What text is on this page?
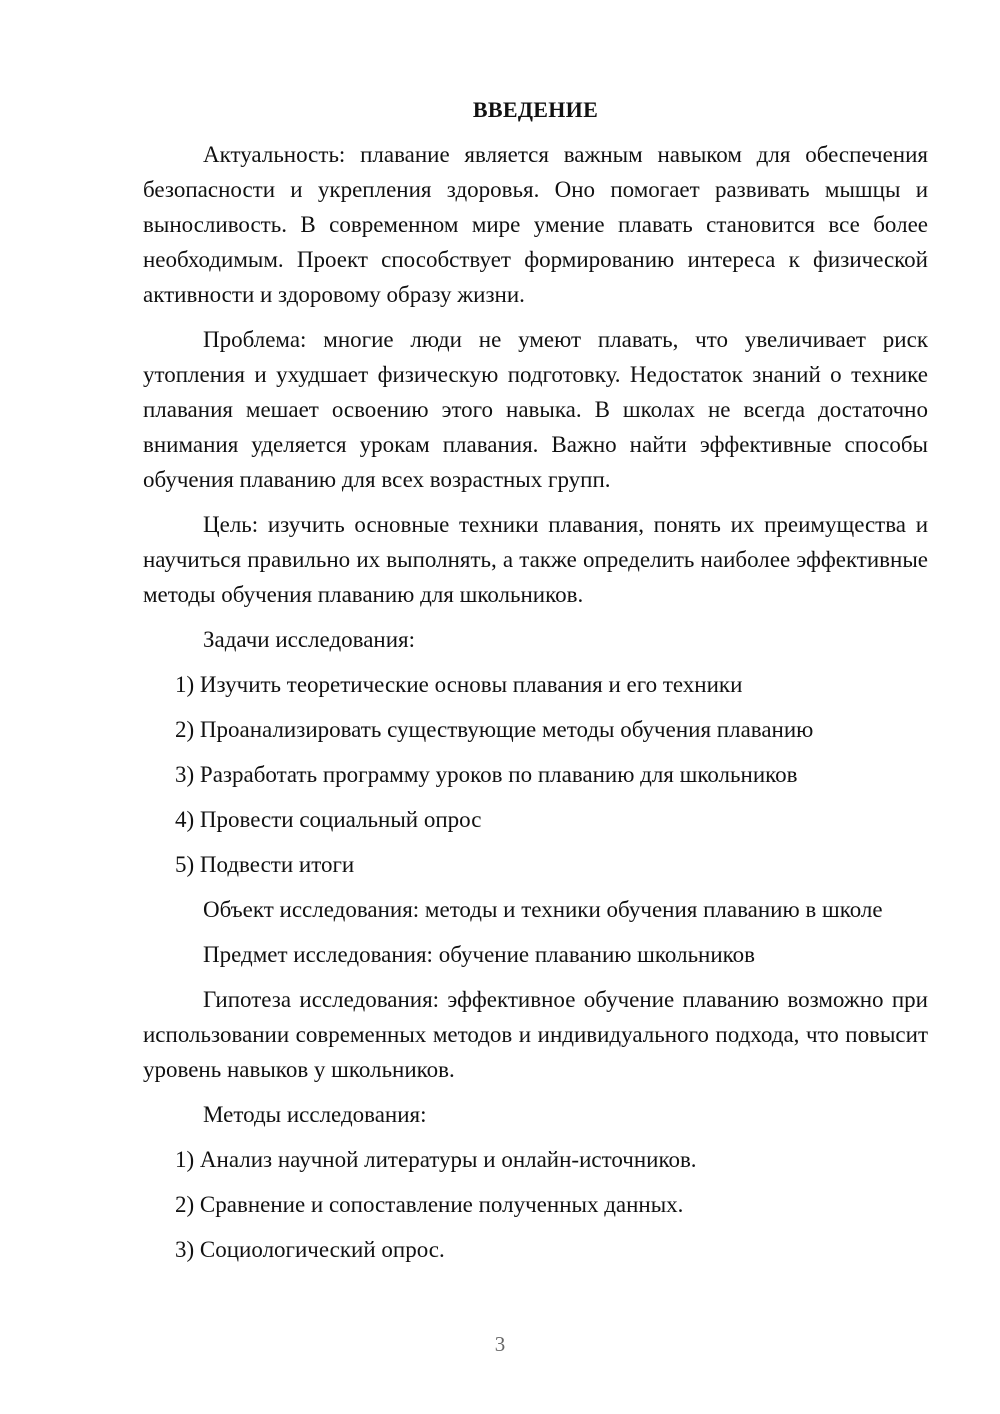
ВВЕДЕНИЕ

Актуальность: плавание является важным навыком для обеспечения безопасности и укрепления здоровья. Оно помогает развивать мышцы и выносливость. В современном мире умение плавать становится все более необходимым. Проект способствует формированию интереса к физической активности и здоровому образу жизни.

Проблема: многие люди не умеют плавать, что увеличивает риск утопления и ухудшает физическую подготовку. Недостаток знаний о технике плавания мешает освоению этого навыка. В школах не всегда достаточно внимания уделяется урокам плавания. Важно найти эффективные способы обучения плаванию для всех возрастных групп.

Цель: изучить основные техники плавания, понять их преимущества и научиться правильно их выполнять, а также определить наиболее эффективные методы обучения плаванию для школьников.

Задачи исследования:

1) Изучить теоретические основы плавания и его техники
2) Проанализировать существующие методы обучения плаванию
3) Разработать программу уроков по плаванию для школьников
4) Провести социальный опрос
5) Подвести итоги

Объект исследования: методы и техники обучения плаванию в школе

Предмет исследования: обучение плаванию школьников

Гипотеза исследования: эффективное обучение плаванию возможно при использовании современных методов и индивидуального подхода, что повысит уровень навыков у школьников.

Методы исследования:

1) Анализ научной литературы и онлайн-источников.
2) Сравнение и сопоставление полученных данных.
3) Социологический опрос.
3
